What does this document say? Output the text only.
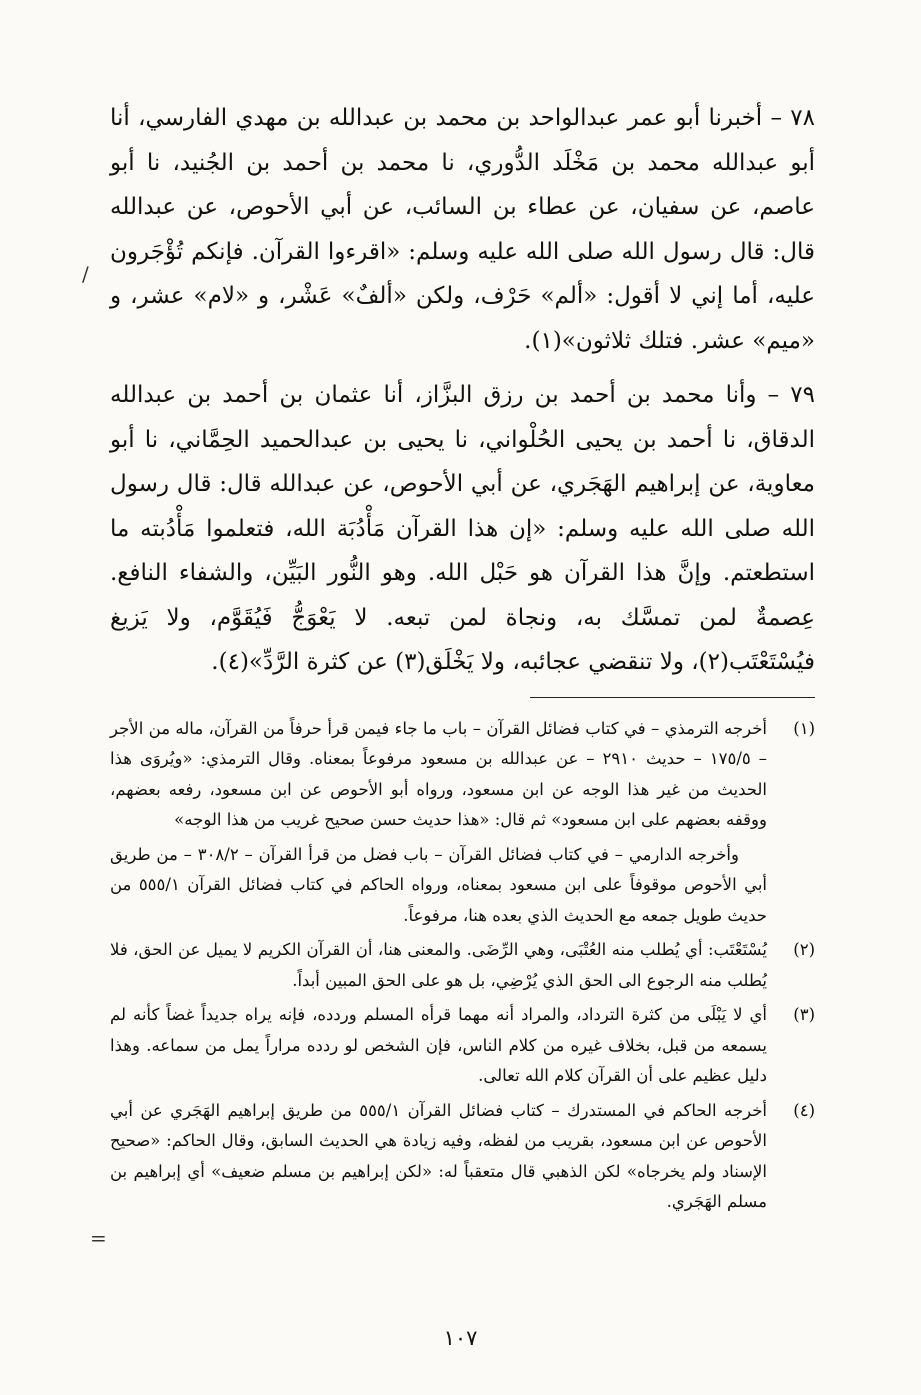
/
=

٧٨ – أخبرنا أبو عمر عبدالواحد بن محمد بن عبدالله بن مهدي الفارسي، أنا أبو عبدالله محمد بن مَخْلَد الدُّوري، نا محمد بن أحمد بن الجُنيد، نا أبو عاصم، عن سفيان، عن عطاء بن السائب، عن أبي الأحوص، عن عبدالله قال: قال رسول الله صلى الله عليه وسلم: «اقرءوا القرآن. فإنكم تُؤْجَرون عليه، أما إني لا أقول: «ألم» حَرْف، ولكن «ألفٌ» عَشْر، و «لام» عشر، و «ميم» عشر. فتلك ثلاثون»(١).

٧٩ – وأنا محمد بن أحمد بن رزق البزَّاز، أنا عثمان بن أحمد بن عبدالله الدقاق، نا أحمد بن يحيى الحُلْواني، نا يحيى بن عبدالحميد الحِمَّاني، نا أبو معاوية، عن إبراهيم الهَجَري، عن أبي الأحوص، عن عبدالله قال: قال رسول الله صلى الله عليه وسلم: «إن هذا القرآن مَأْدُبَة الله، فتعلموا مَأْدُبته ما استطعتم. وإنَّ هذا القرآن هو حَبْل الله. وهو النُّور البَيِّن، والشفاء النافع. عِصمةٌ لمن تمسَّك به، ونجاة لمن تبعه. لا يَعْوَجُّ فَيُقَوَّم، ولا يَزيغ فيُسْتَعْتَب(٢)، ولا تنقضي عجائبه، ولا يَخْلَق(٣) عن كثرة الرَّدِّ»(٤).

(١)

أخرجه الترمذي – في كتاب فضائل القرآن – باب ما جاء فيمن قرأ حرفاً من القرآن، ماله من الأجر – ١٧٥/٥ – حديث ٢٩١٠ – عن عبدالله بن مسعود مرفوعاً بمعناه. وقال الترمذي: «ويُروَى هذا الحديث من غير هذا الوجه عن ابن مسعود، ورواه أبو الأحوص عن ابن مسعود، رفعه بعضهم، ووقفه بعضهم على ابن مسعود» ثم قال: «هذا حديث حسن صحيح غريب من هذا الوجه»

وأخرجه الدارمي – في كتاب فضائل القرآن – باب فضل من قرأ القرآن – ٣٠٨/٢ – من طريق أبي الأحوص موقوفاً على ابن مسعود بمعناه، ورواه الحاكم في كتاب فضائل القرآن ٥٥٥/١ من حديث طويل جمعه مع الحديث الذي بعده هنا، مرفوعاً.

(٢)

يُسْتَعْتَب: أي يُطلب منه العُتْبَى، وهي الرِّضَى. والمعنى هنا، أن القرآن الكريم لا يميل عن الحق، فلا يُطلب منه الرجوع الى الحق الذي يُرْضِي، بل هو على الحق المبين أبداً.

(٣)

أي لا يَبْلَى من كثرة الترداد، والمراد أنه مهما قرأه المسلم وردده، فإنه يراه جديداً غضاً كأنه لم يسمعه من قبل، بخلاف غيره من كلام الناس، فإن الشخص لو ردده مراراً يمل من سماعه. وهذا دليل عظيم على أن القرآن كلام الله تعالى.

(٤)

أخرجه الحاكم في المستدرك – كتاب فضائل القرآن ٥٥٥/١ من طريق إبراهيم الهَجَري عن أبي الأحوص عن ابن مسعود، بقريب من لفظه، وفيه زيادة هي الحديث السابق، وقال الحاكم: «صحيح الإسناد ولم يخرجاه» لكن الذهبي قال متعقباً له: «لكن إبراهيم بن مسلم ضعيف» أي إبراهيم بن مسلم الهَجَري.

١٠٧
